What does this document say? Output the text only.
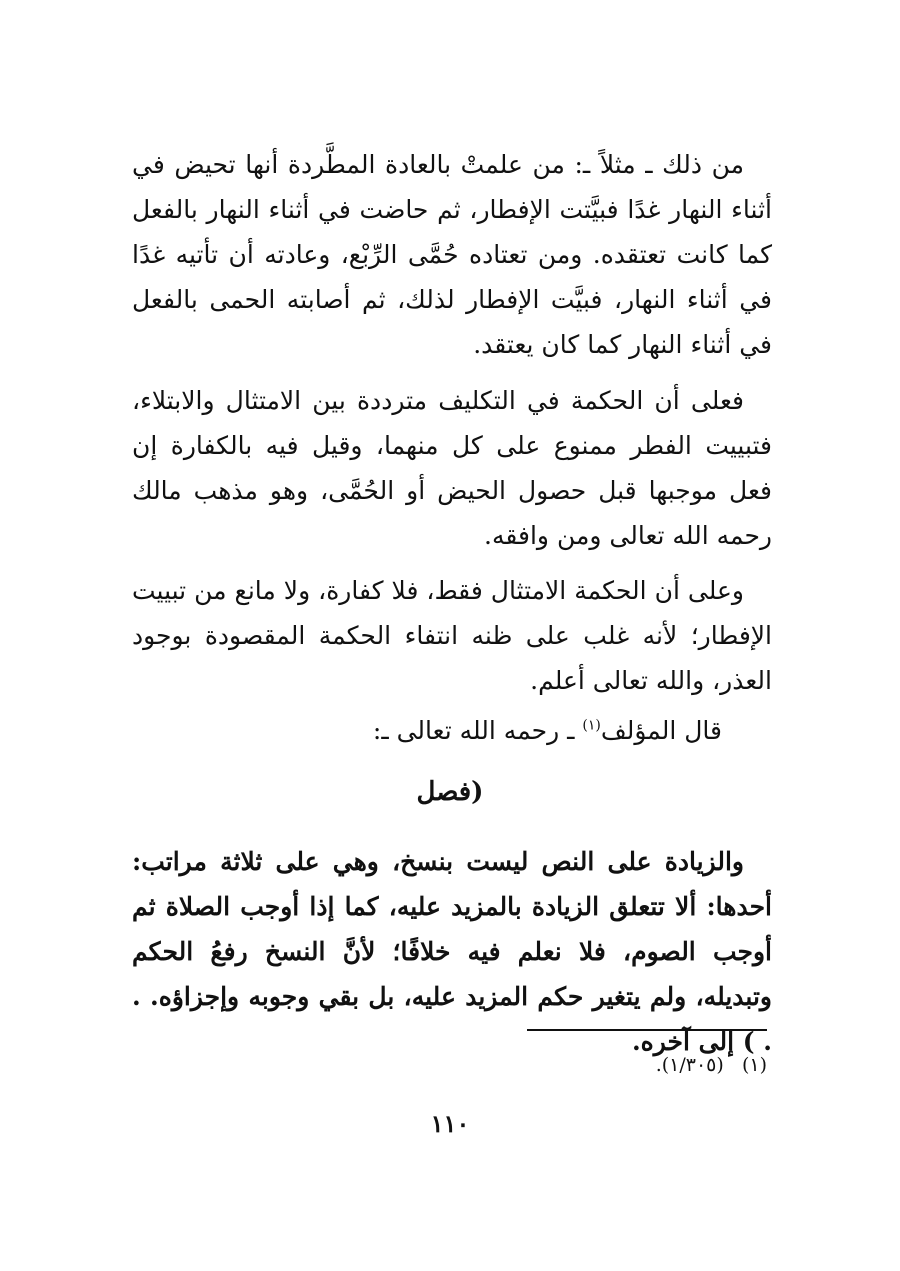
من ذلك ـ مثلاً ـ: من علمتْ بالعادة المطَّردة أنها تحيض في أثناء النهار غدًا فبيَّتت الإفطار، ثم حاضت في أثناء النهار بالفعل كما كانت تعتقده. ومن تعتاده حُمَّى الرِّبْع، وعادته أن تأتيه غدًا في أثناء النهار، فبيَّت الإفطار لذلك، ثم أصابته الحمى بالفعل في أثناء النهار كما كان يعتقد.
فعلى أن الحكمة في التكليف مترددة بين الامتثال والابتلاء، فتبييت الفطر ممنوع على كل منهما، وقيل فيه بالكفارة إن فعل موجبها قبل حصول الحيض أو الحُمَّى، وهو مذهب مالك رحمه الله تعالى ومن وافقه.
وعلى أن الحكمة الامتثال فقط، فلا كفارة، ولا مانع من تبييت الإفطار؛ لأنه غلب على ظنه انتفاء الحكمة المقصودة بوجود العذر، والله تعالى أعلم.
قال المؤلف$^{(١)}$ ـ رحمه الله تعالى ـ:
(فصل
والزيادة على النص ليست بنسخ، وهي على ثلاثة مراتب: أحدها: ألا تتعلق الزيادة بالمزيد عليه، كما إذا أوجب الصلاة ثم أوجب الصوم، فلا نعلم فيه خلافًا؛ لأنَّ النسخ رفعُ الحكم وتبديله، ولم يتغير حكم المزيد عليه، بل بقي وجوبه وإجزاؤه. . . ) إلى آخره.
(١)   (١/٣٠٥).
١١٠
